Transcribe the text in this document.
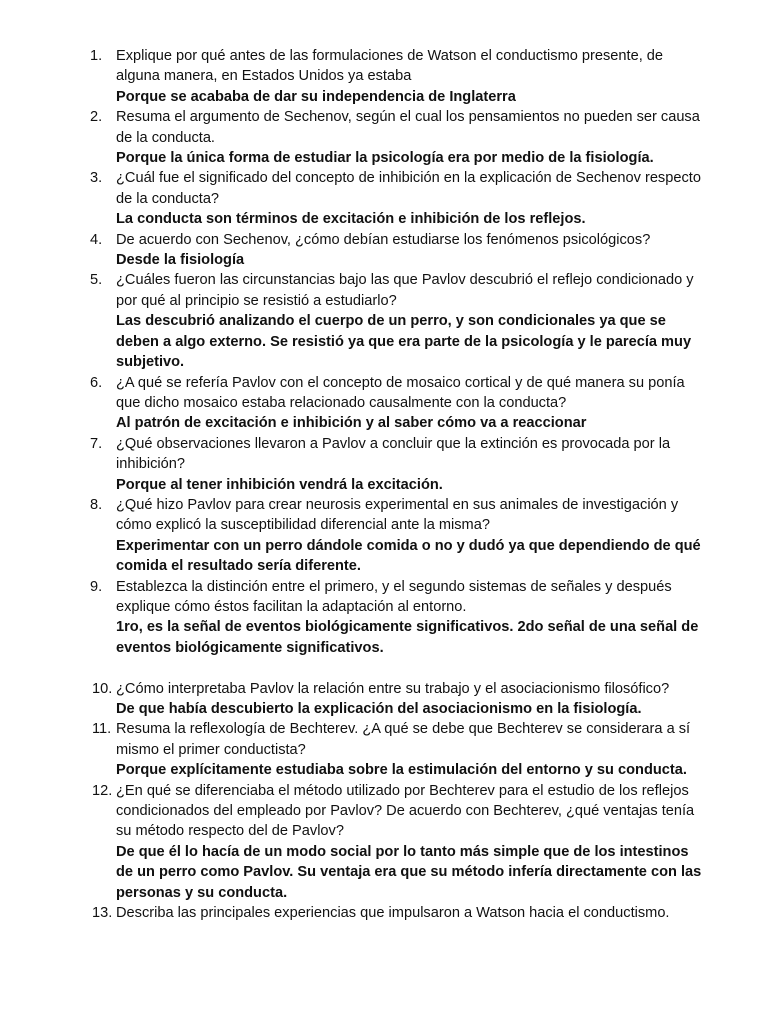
1. Explique por qué antes de las formulaciones de Watson el conductismo presente, de alguna manera, en Estados Unidos ya estaba
Porque se acababa de dar su independencia de Inglaterra
2. Resuma el argumento de Sechenov, según el cual los pensamientos no pueden ser causa de la conducta.
Porque la única forma de estudiar la psicología era por medio de la fisiología.
3. ¿Cuál fue el significado del concepto de inhibición en la explicación de Sechenov respecto de la conducta?
La conducta son términos de excitación e inhibición de los reflejos.
4. De acuerdo con Sechenov, ¿cómo debían estudiarse los fenómenos psicológicos?
Desde la fisiología
5. ¿Cuáles fueron las circunstancias bajo las que Pavlov descubrió el reflejo condicionado y por qué al principio se resistió a estudiarlo?
Las descubrió analizando el cuerpo de un perro, y son condicionales ya que se deben a algo externo. Se resistió ya que era parte de la psicología y le parecía muy subjetivo.
6. ¿A qué se refería Pavlov con el concepto de mosaico cortical y de qué manera su ponía que dicho mosaico estaba relacionado causalmente con la conducta?
Al patrón de excitación e inhibición y al saber cómo va a reaccionar
7. ¿Qué observaciones llevaron a Pavlov a concluir que la extinción es provocada por la inhibición?
Porque al tener inhibición vendrá la excitación.
8. ¿Qué hizo Pavlov para crear neurosis experimental en sus animales de investigación y cómo explicó la susceptibilidad diferencial ante la misma?
Experimentar con un perro dándole comida o no y dudó ya que dependiendo de qué comida el resultado sería diferente.
9. Establezca la distinción entre el primero, y el segundo sistemas de señales y después explique cómo éstos facilitan la adaptación al entorno.
1ro, es la señal de eventos biológicamente significativos. 2do señal de una señal de eventos biológicamente significativos.
10. ¿Cómo interpretaba Pavlov la relación entre su trabajo y el asociacionismo filosófico?
De que había descubierto la explicación del asociacionismo en la fisiología.
11. Resuma la reflexología de Bechterev. ¿A qué se debe que Bechterev se considerara a sí mismo el primer conductista?
Porque explícitamente estudiaba sobre la estimulación del entorno y su conducta.
12. ¿En qué se diferenciaba el método utilizado por Bechterev para el estudio de los reflejos condicionados del empleado por Pavlov? De acuerdo con Bechterev, ¿qué ventajas tenía su método respecto del de Pavlov?
De que él lo hacía de un modo social por lo tanto más simple que de los intestinos de un perro como Pavlov. Su ventaja era que su método infería directamente con las personas y su conducta.
13. Describa las principales experiencias que impulsaron a Watson hacia el conductismo.
